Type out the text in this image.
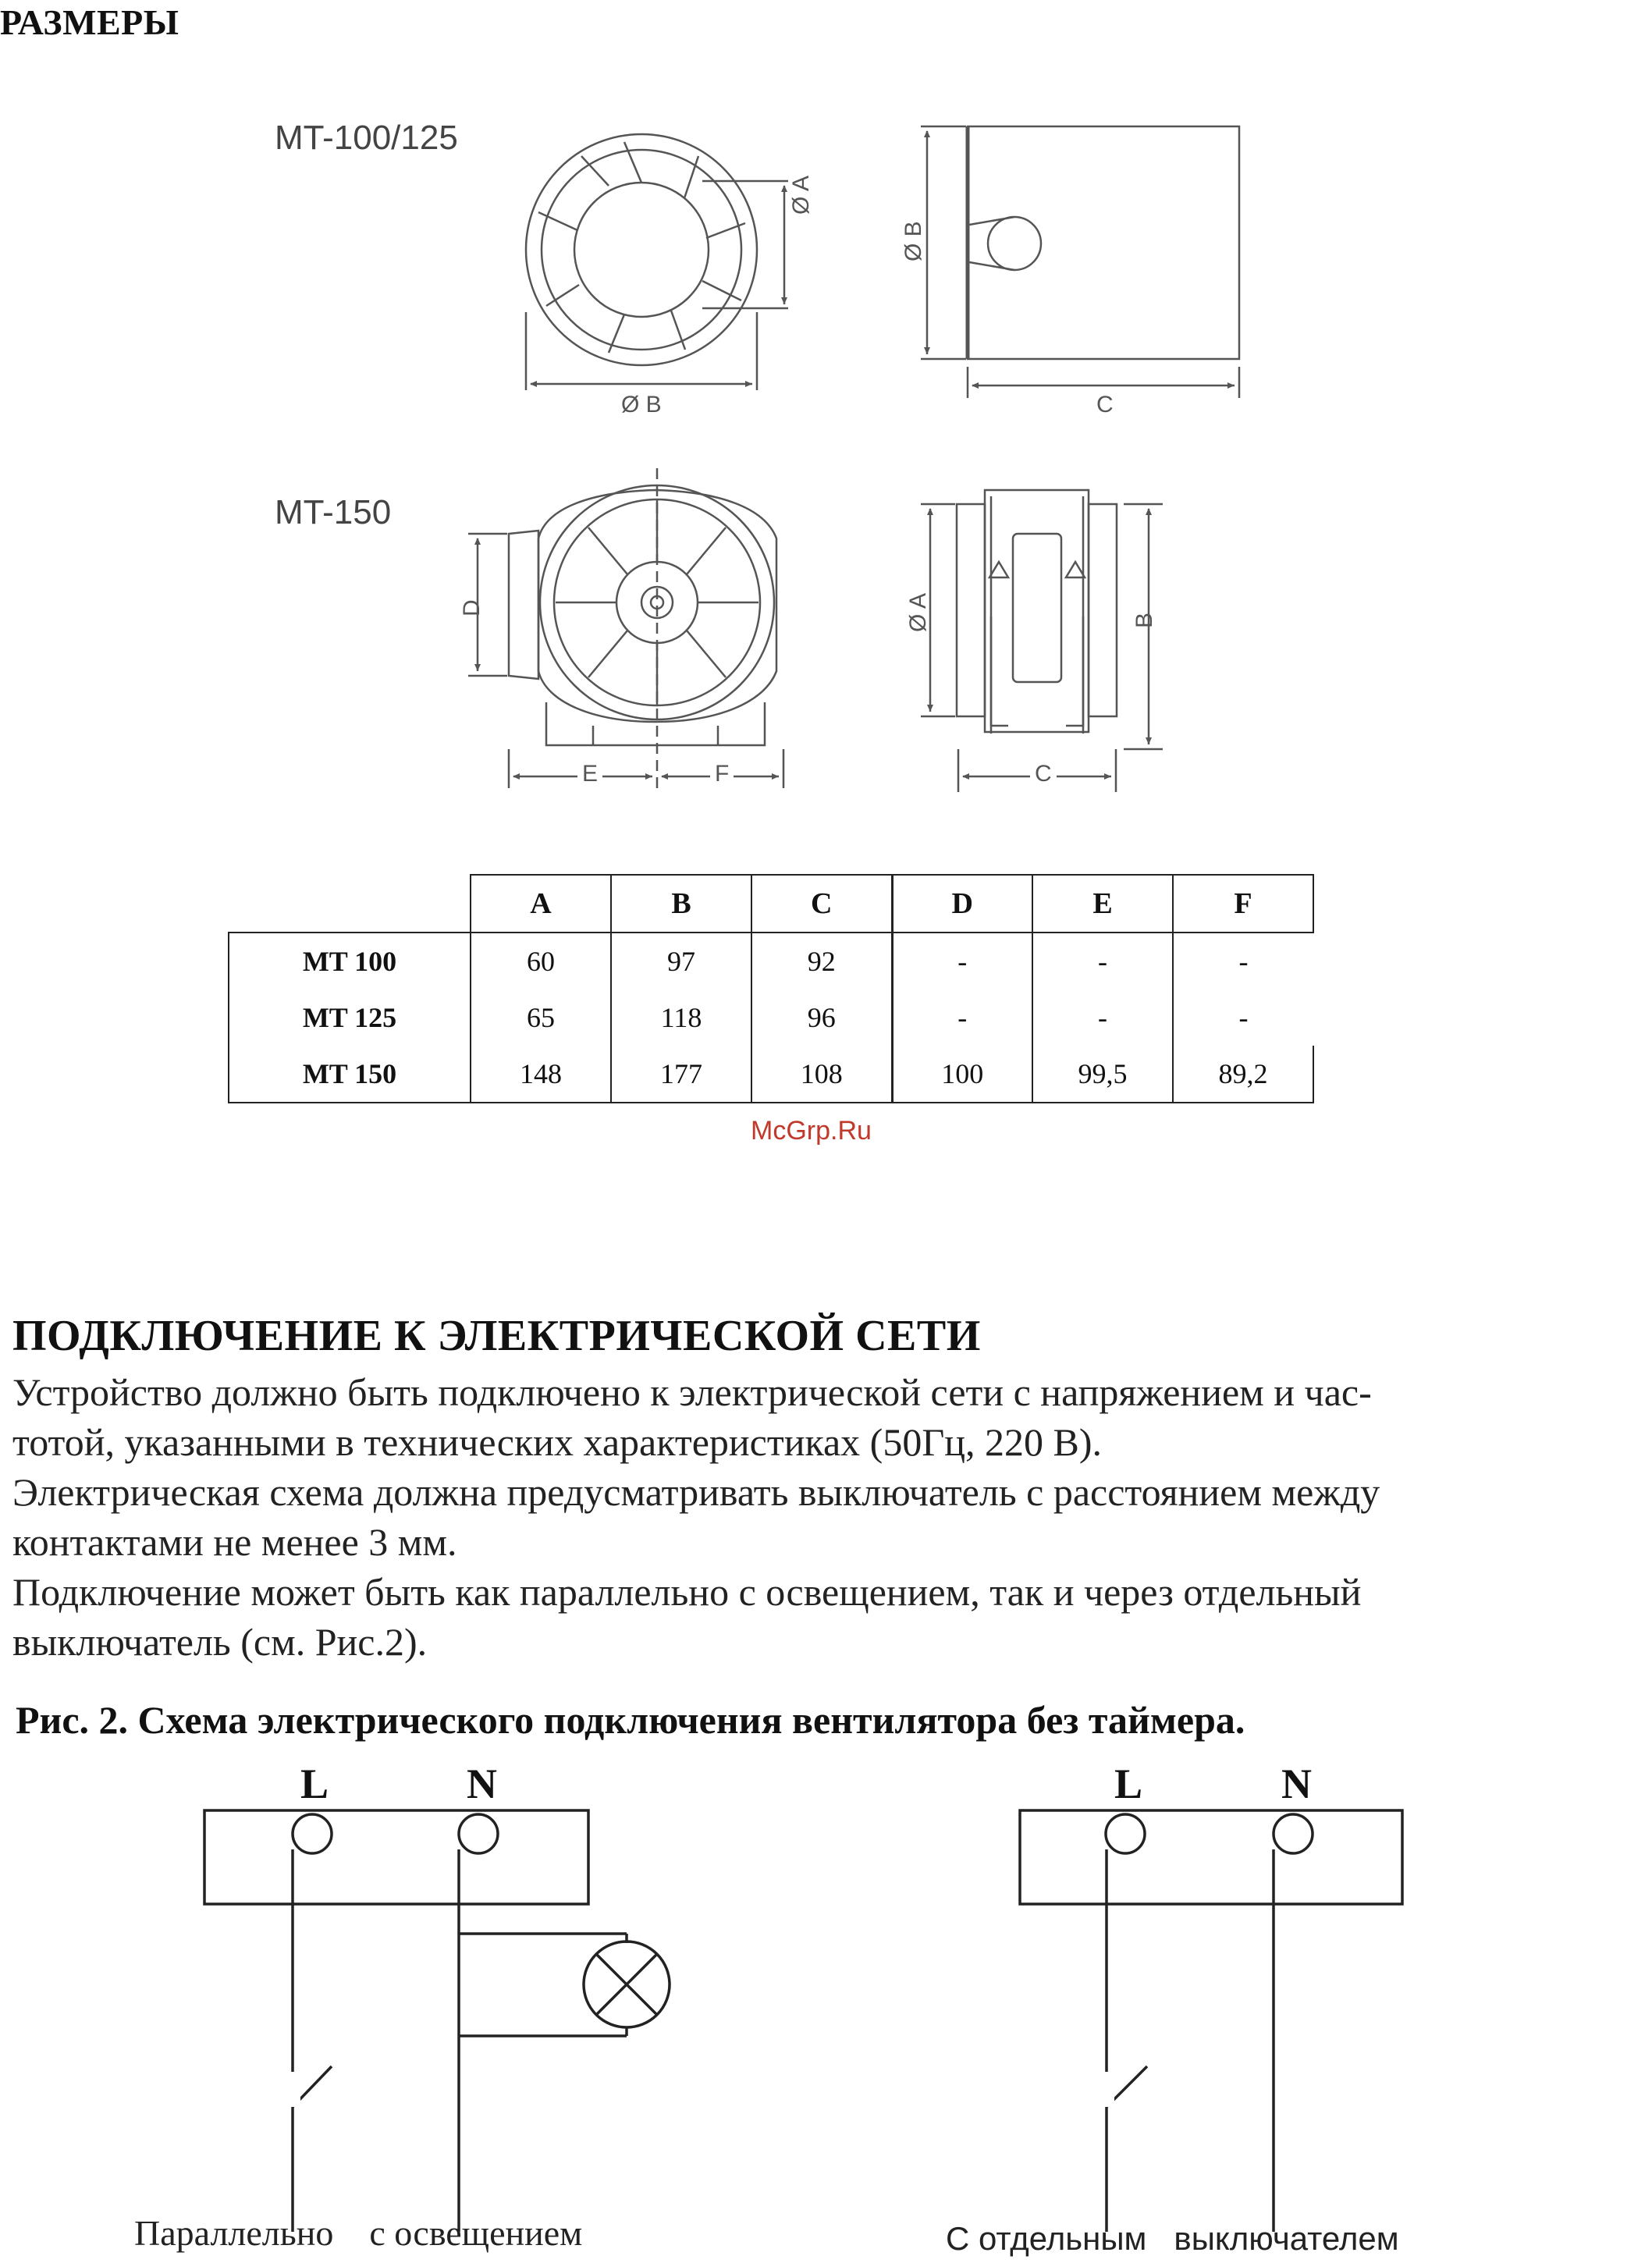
РАЗМЕРЫ
MT-100/125
MT-150
Ø A
Ø B
Ø B
C
D
E	F
Ø A	B
C
	A	B	C	D	E	F
MT 100	60	97	92	-	-	-
MT 125	65	118	96	-	-	-
MT 150	148	177	108	100	99,5	89,2
McGrp.Ru
ПОДКЛЮЧЕНИЕ К ЭЛЕКТРИЧЕСКОЙ СЕТИ
Устройство должно быть подключено к электрической сети с напряжением и час-
тотой, указанными в технических характеристиках (50Гц, 220 В).
Электрическая схема должна предусматривать выключатель с расстоянием между
контактами не менее 3 мм.
Подключение может быть как параллельно с освещением, так и через отдельный
выключатель (см. Рис.2).
Рис. 2. Схема электрического подключения вентилятора без таймера.
L	N	L	N
Параллельно    с освещением	С отдельным   выключателем
